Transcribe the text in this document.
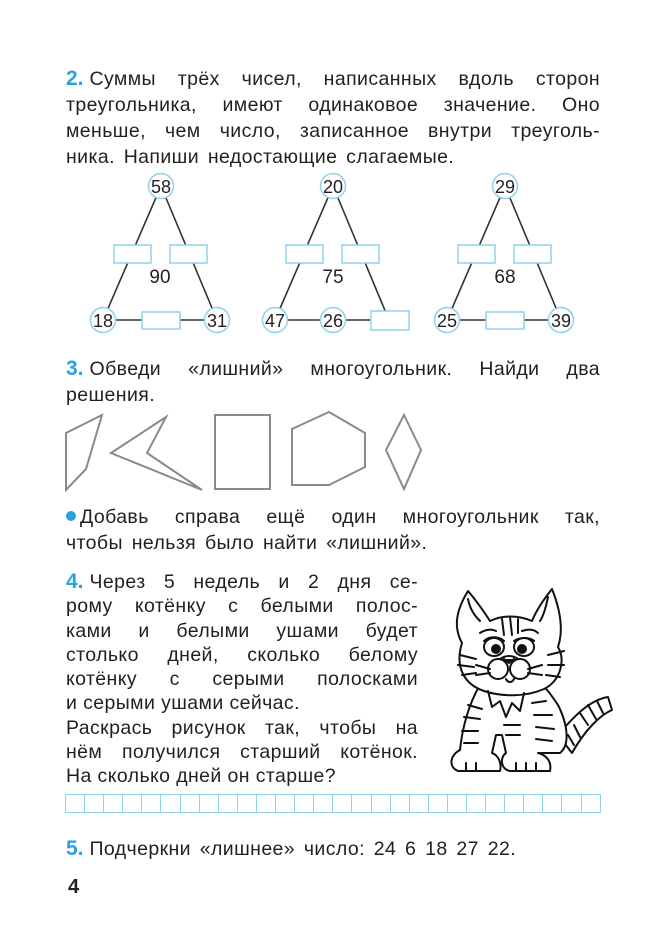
2. Суммы трёх чисел, написанных вдоль сторон
треугольника, имеют одинаковое значение. Оно
меньше, чем число, записанное внутри треуголь-
ника. Напиши недостающие слагаемые.
58
18	31
90
20
47 26
75
29
25	39
68
3. Обведи «лишний» многоугольник. Найди два
решения.
Добавь справа ещё один многоугольник так,
чтобы нельзя было найти «лишний».
4. Через 5 недель и 2 дня се-
рому котёнку с белыми полос-
ками и белыми ушами будет
столько дней, сколько белому
котёнку с серыми полосками
и серыми ушами сейчас.
Раскрась рисунок так, чтобы на
нём получился старший котёнок.
На сколько дней он старше?
5. Подчеркни «лишнее» число: 24 6 18 27 22.
4
